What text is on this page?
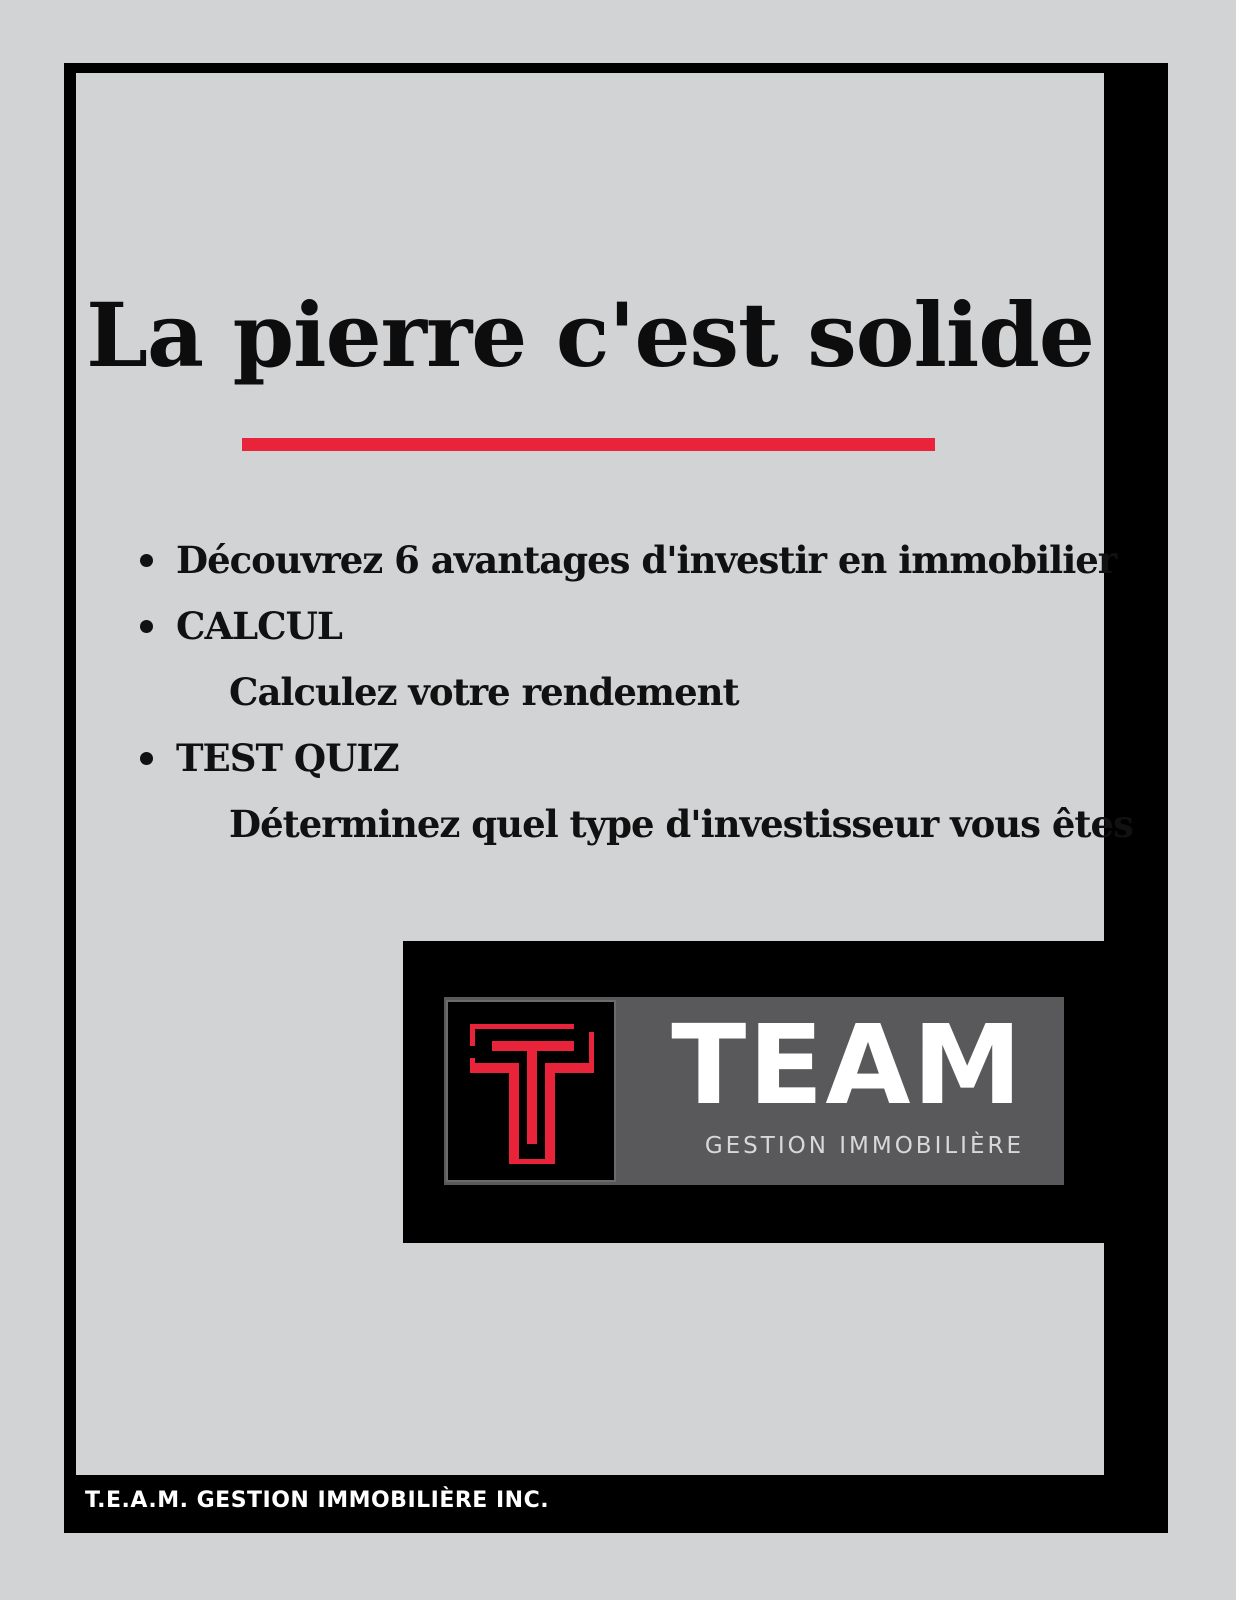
La pierre c'est solide
Découvrez 6 avantages d'investir en immobilier
CALCUL
Calculez votre rendement
TEST QUIZ
Déterminez quel type d'investisseur vous êtes
TEAM
GESTION IMMOBILIÈRE
T.E.A.M. GESTION IMMOBILIÈRE INC.
